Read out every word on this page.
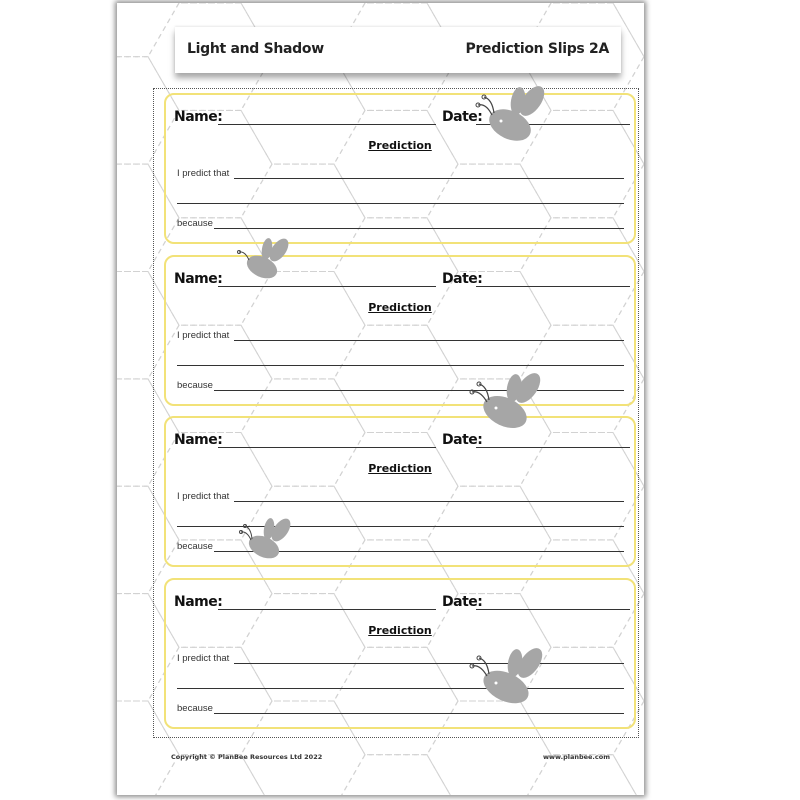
Light and Shadow	Prediction Slips 2A
Name:	Date:
Prediction
I predict that
because
Name:	Date:
Prediction
I predict that
because
Name:	Date:
Prediction
I predict that
because
Name:	Date:
Prediction
I predict that
because
Copyright © PlanBee Resources Ltd 2022	www.planbee.com
